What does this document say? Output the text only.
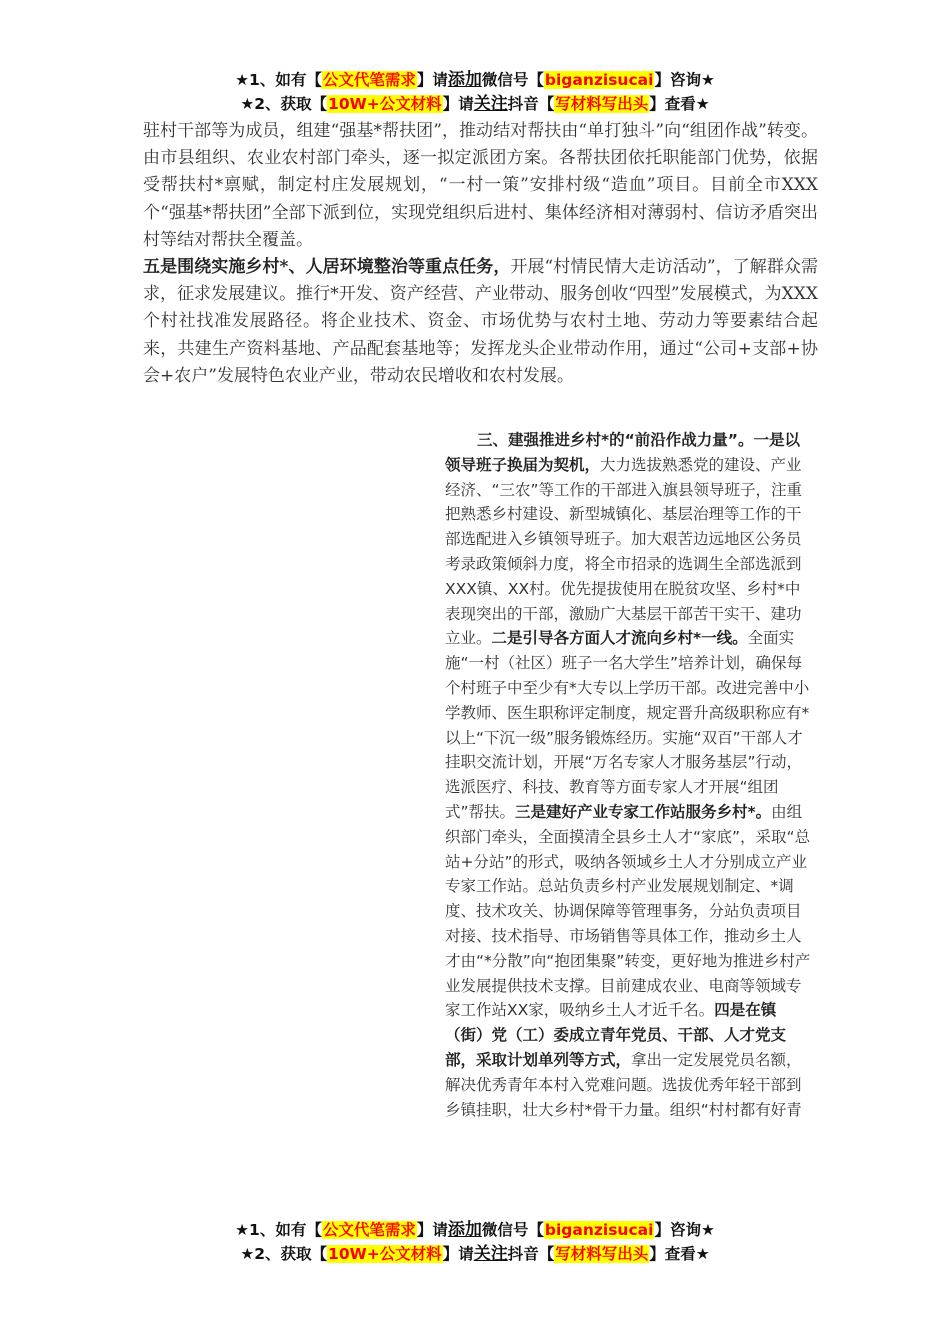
★1、如有【公文代笔需求】请添加微信号【biganzisucai】咨询★
★2、获取【10W+公文材料】请关注抖音【写材料写出头】查看★
驻村干部等为成员，组建“强基*帮扶团”，推动结对帮扶由“单打独斗”向“组团作战”转变。由市县组织、农业农村部门牵头，逐一拟定派团方案。各帮扶团依托职能部门优势，依据受帮扶村*禀赋，制定村庄发展规划，“一村一策”安排村级“造血”项目。目前全市XXX个“强基*帮扶团”全部下派到位，实现党组织后进村、集体经济相对薄弱村、信访矛盾突出村等结对帮扶全覆盖。
五是围绕实施乡村*、人居环境整治等重点任务，开展“村情民情大走访活动”，了解群众需求，征求发展建议。推行*开发、资产经营、产业带动、服务创收“四型”发展模式，为XXX个村社找准发展路径。将企业技术、资金、市场优势与农村土地、劳动力等要素结合起来，共建生产资料基地、产品配套基地等；发挥龙头企业带动作用，通过“公司+支部+协会+农户”发展特色农业产业，带动农民增收和农村发展。
三、建强推进乡村*的“前沿作战力量”。一是以领导班子换届为契机，大力选拔熟悉党的建设、产业经济、“三农”等工作的干部进入旗县领导班子，注重把熟悉乡村建设、新型城镇化、基层治理等工作的干部选配进入乡镇领导班子。加大艰苦边远地区公务员考录政策倾斜力度，将全市招录的选调生全部选派到XXX镇、XX村。优先提拔使用在脱贫攻坚、乡村*中表现突出的干部，激励广大基层干部苦干实干、建功立业。二是引导各方面人才流向乡村*一线。全面实施“一村（社区）班子一名大学生”培养计划，确保每个村班子中至少有*大专以上学历干部。改进完善中小学教师、医生职称评定制度，规定晋升高级职称应有*以上“下沉一级”服务锻炼经历。实施“双百”干部人才挂职交流计划，开展“万名专家人才服务基层”行动，选派医疗、科技、教育等方面专家人才开展“组团式”帮扶。三是建好产业专家工作站服务乡村*。由组织部门牵头，全面摸清全县乡土人才“家底”，采取“总站+分站”的形式，吸纳各领域乡土人才分别成立产业专家工作站。总站负责乡村产业发展规划制定、*调度、技术攻关、协调保障等管理事务，分站负责项目对接、技术指导、市场销售等具体工作，推动乡土人才由“*分散”向“抱团集聚”转变，更好地为推进乡村产业发展提供技术支撑。目前建成农业、电商等领域专家工作站XX家，吸纳乡土人才近千名。四是在镇（街）党（工）委成立青年党员、干部、人才党支部，采取计划单列等方式，拿出一定发展党员名额，解决优秀青年本村入党难问题。选拔优秀年轻干部到乡镇挂职，壮大乡村*骨干力量。组织“村村都有好青
★1、如有【公文代笔需求】请添加微信号【biganzisucai】咨询★
★2、获取【10W+公文材料】请关注抖音【写材料写出头】查看★
